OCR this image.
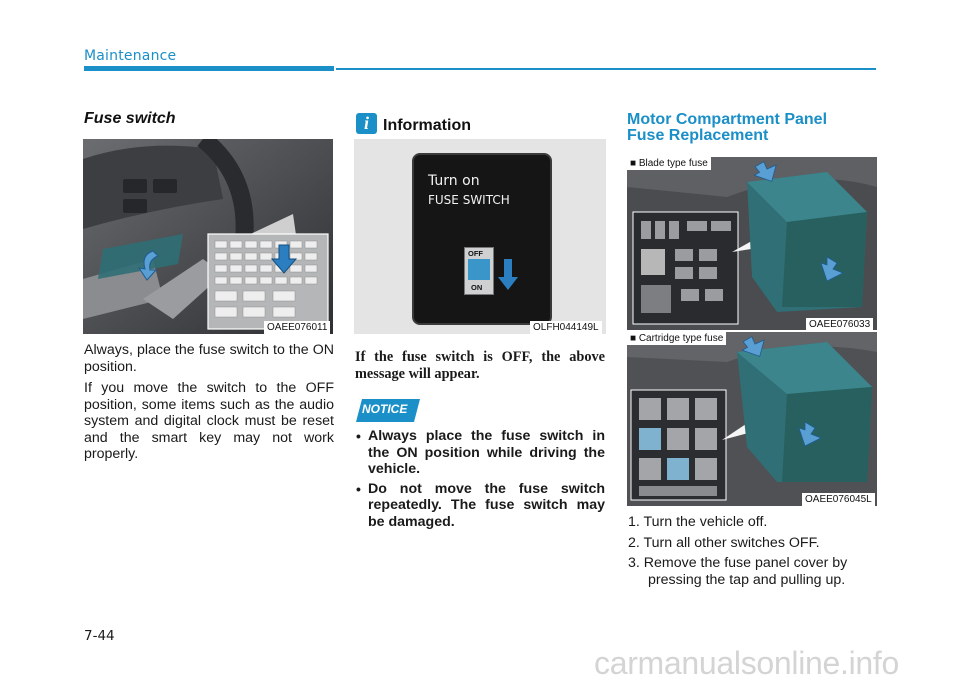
Maintenance
Fuse switch
OAEE076011
Always, place the fuse switch to the ON position.
If you move the switch to the OFF position, some items such as the audio system and digital clock must be reset and the smart key may not work properly.
i Information
Turn on
FUSE SWITCH
OFF
ON
OLFH044149L
If the fuse switch is OFF, the above message will appear.
NOTICE
• Always place the fuse switch in the ON position while driving the vehicle.
• Do not move the fuse switch repeatedly. The fuse switch may be damaged.
Motor Compartment Panel
Fuse Replacement
■ Blade type fuse
OAEE076033
■ Cartridge type fuse
OAEE076045L
1. Turn the vehicle off.
2. Turn all other switches OFF.
3. Remove the fuse panel cover by pressing the tap and pulling up.
7-44
carmanualsonline.info
